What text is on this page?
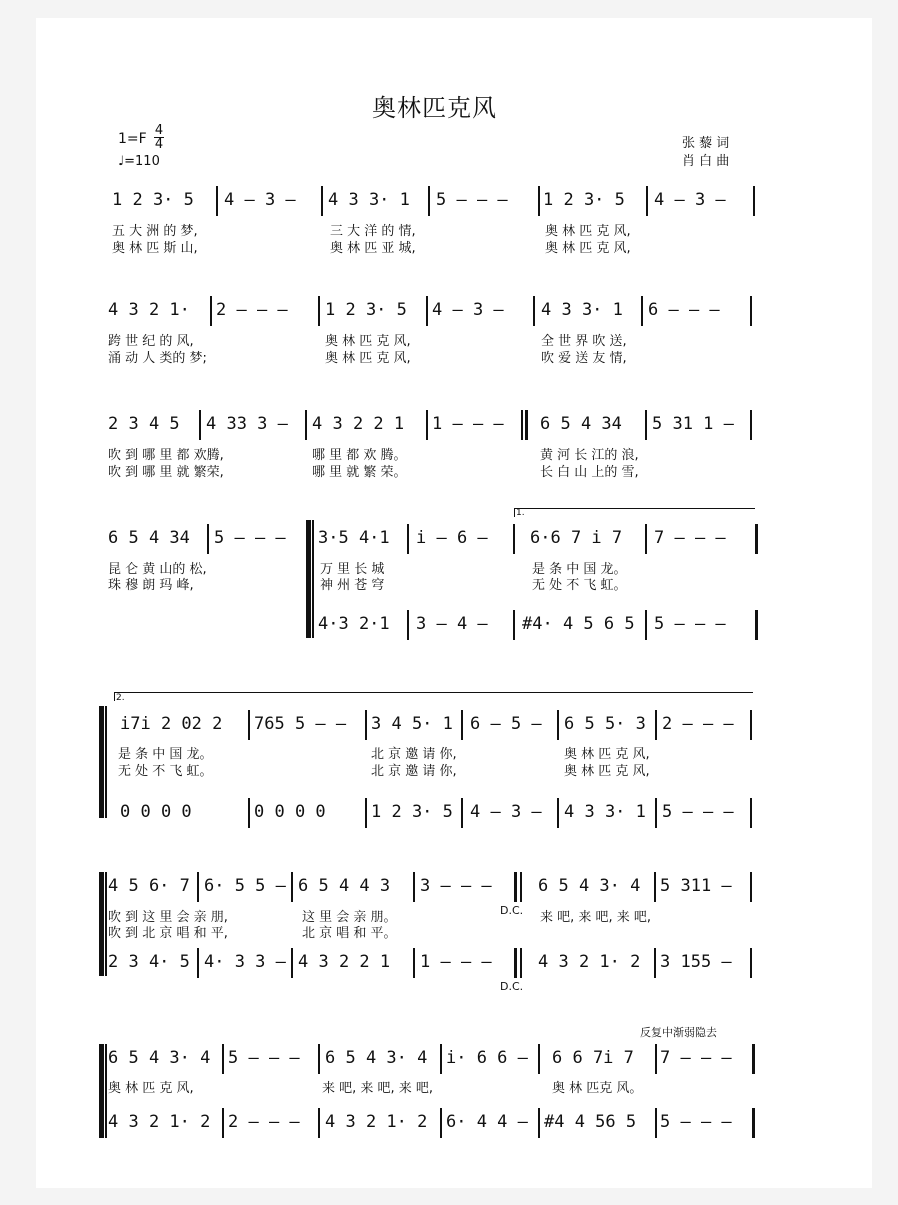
奥林匹克风
1=F
4
4
♩=110
张 藜 词
肖 白 曲
1 2 3· 5 4 – 3 – 4 3 3· 1 5 – – – 1 2 3· 5 4 – 3 –
五 大 洲 的 梦,	三 大 洋 的 情,	奥 林 匹 克 风,
奥 林 匹 斯 山,	奥 林 匹 亚 城,	奥 林 匹 克 风,
4 3 2 1· 2 – – – 1 2 3· 5 4 – 3 – 4 3 3· 1 6 – – –
跨 世 纪 的 风,	奥 林 匹 克 风,	全 世 界 吹 送,
涌 动 人 类的 梦;	奥 林 匹 克 风,	吹 爱 送 友 情,
2 3 4 5 4 33 3 – 4 3 2 2 1 1 – – – 6 5 4 34 5 31 1 –
吹 到 哪 里 都 欢腾,	哪 里 都 欢 腾。	黄 河 长 江的 浪,
吹 到 哪 里 就 繁荣,	哪 里 就 繁 荣。	长 白 山 上的 雪,
1.
6 5 4 34 5 – – – 3·5 4·1 i – 6 – 6·6 7 i 7 7 – – –
昆 仑 黄 山的 松,	万 里 长 城	是 条 中 国 龙。
珠 穆 朗 玛 峰,	神 州 苍 穹	无 处 不 飞 虹。
4·3 2·1 3 – 4 – #4· 4 5 6 5 5 – – –
2.
i7i 2 02 2 765 5 – – 3 4 5· 1 6 – 5 – 6 5 5· 3 2 – – –
是 条 中 国 龙。	北 京 邀 请 你,	奥 林 匹 克 风,
无 处 不 飞 虹。	北 京 邀 请 你,	奥 林 匹 克 风,
0 0 0 0	0 0 0 0	1 2 3· 5 4 – 3 – 4 3 3· 1 5 – – –
4 5 6· 7 6· 5 5 – 6 5 4 4 3 3 – – –	6 5 4 3· 4 5 311 –
吹 到 这 里 会 亲 朋,	这 里 会 亲 朋。	D.C. 来 吧, 来 吧, 来 吧,
吹 到 北 京 唱 和 平,	北 京 唱 和 平。
2 3 4· 5 4· 3 3 – 4 3 2 2 1 1 – – –	4 3 2 1· 2 3 155 –
D.C.
反复中渐弱隐去
6 5 4 3· 4 5 – – – 6 5 4 3· 4 i· 6 6 – 6 6 7i 7 7 – – –
奥 林 匹 克 风,	来 吧, 来 吧, 来 吧,	奥 林 匹克 风。
4 3 2 1· 2 2 – – – 4 3 2 1· 2 6· 4 4 – #4 4 56 5 5 – – –
